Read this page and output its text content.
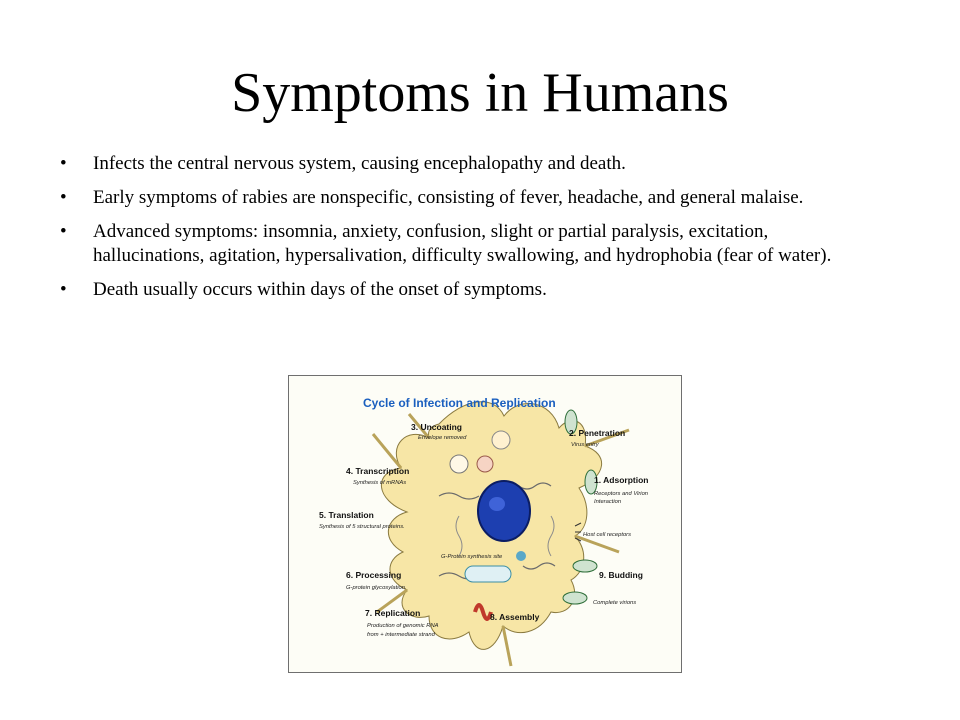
Symptoms in Humans
•	Infects the central nervous system, causing encephalopathy and death.
•	Early symptoms of rabies are nonspecific, consisting of fever, headache, and general malaise.
•	Advanced symptoms: insomnia, anxiety, confusion, slight or partial paralysis, excitation, hallucinations, agitation, hypersalivation, difficulty swallowing, and hydrophobia (fear of water).
•	Death usually occurs within days of the onset of symptoms.
Cycle of Infection and Replication
3. Uncoating
Envelope removed	2. Penetration
Virus entry
4. Transcription
Synthesis of mRNAs	1. Adsorption
Receptors and Virion
Interaction
5. Translation
Synthesis of 5 structural proteins.
Host cell receptors
G-Protein synthesis site
6. Processing
G-protein glycosylation.
9. Budding
Complete virions
7. Replication
Production of genomic RNA
from + intermediate strand
8. Assembly
